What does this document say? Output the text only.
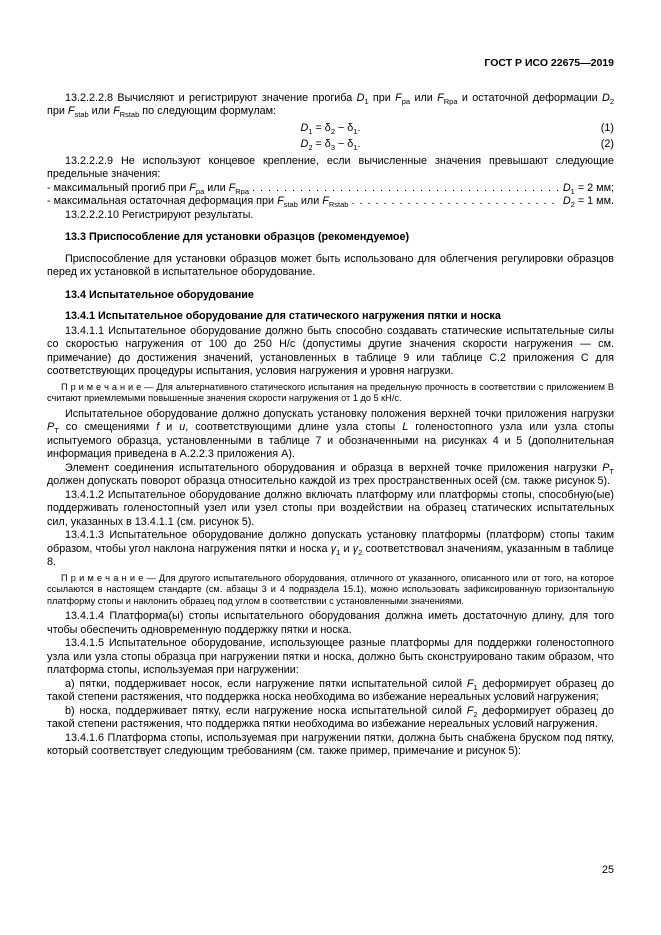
ГОСТ Р ИСО 22675—2019

13.2.2.2.8 Вычисляют и регистрируют значение прогиба $D_1$ при $F_{ра}$ или $F_{Rра}$ и остаточной деформации $D_2$ при $F_{stab}$ или $F_{Rstab}$ по следующим формулам:

$D_1 = \delta_2 - \delta_1$.	(1)
$D_2 = \delta_3 - \delta_1$.	(2)

13.2.2.2.9 Не используют концевое крепление, если вычисленные значения превышают следующие предельные значения:

- максимальный прогиб при $F_{ра}$ или $F_{Rра}$ . . .	$D_1 = 2$ мм;
- максимальная остаточная деформация при $F_{stab}$ или $F_{Rstab}$ . . .	$D_2 = 1$ мм.

13.2.2.2.10 Регистрируют результаты.

13.3 Приспособление для установки образцов (рекомендуемое)

Приспособление для установки образцов может быть использовано для облегчения регулировки образцов перед их установкой в испытательное оборудование.

13.4 Испытательное оборудование

13.4.1 Испытательное оборудование для статического нагружения пятки и носка

13.4.1.1 Испытательное оборудование должно быть способно создавать статические испытательные силы со скоростью нагружения от 100 до 250 Н/с (допустимы другие значения скорости нагружения — см. примечание) до достижения значений, установленных в таблице 9 или таблице С.2 приложения С для соответствующих процедуры испытания, условия нагружения и уровня нагрузки.

П р и м е ч а н и е — Для альтернативного статического испытания на предельную прочность в соответствии с приложением В считают приемлемыми повышенные значения скорости нагружения от 1 до 5 кН/с.

Испытательное оборудование должно допускать установку положения верхней точки приложения нагрузки $P_T$ со смещениями f и u, соответствующими длине узла стопы L голеностопного узла или узла стопы испытуемого образца, установленными в таблице 7 и обозначенными на рисунках 4 и 5 (дополнительная информация приведена в А.2.2.3 приложения А).

Элемент соединения испытательного оборудования и образца в верхней точке приложения нагрузки $P_T$ должен допускать поворот образца относительно каждой из трех пространственных осей (см. также рисунок 5).

13.4.1.2 Испытательное оборудование должно включать платформу или платформы стопы, способную(ые) поддерживать голеностопный узел или узел стопы при воздействии на образец статических испытательных сил, указанных в 13.4.1.1 (см. рисунок 5).

13.4.1.3 Испытательное оборудование должно допускать установку платформы (платформ) стопы таким образом, чтобы угол наклона нагружения пятки и носка $\gamma_1$ и $\gamma_2$ соответствовал значениям, указанным в таблице 8.

П р и м е ч а н и е — Для другого испытательного оборудования, отличного от указанного, описанного или от того, на которое ссылаются в настоящем стандарте (см. абзацы 3 и 4 подраздела 15.1), можно использовать зафиксированную горизонтальную платформу стопы и наклонить образец под углом в соответствии с установленными значениями.

13.4.1.4 Платформа(ы) стопы испытательного оборудования должна иметь достаточную длину, для того чтобы обеспечить одновременную поддержку пятки и носка.

13.4.1.5 Испытательное оборудование, использующее разные платформы для поддержки голеностопного узла или узла стопы образца при нагружении пятки и носка, должно быть сконструировано таким образом, что платформа стопы, используемая при нагружении:

а) пятки, поддерживает носок, если нагружение пятки испытательной силой $F_1$ деформирует образец до такой степени растяжения, что поддержка носка необходима во избежание нереальных условий нагружения;

b) носка, поддерживает пятку, если нагружение носка испытательной силой $F_2$ деформирует образец до такой степени растяжения, что поддержка пятки необходима во избежание нереальных условий нагружения.

13.4.1.6 Платформа стопы, используемая при нагружении пятки, должна быть снабжена бруском под пятку, который соответствует следующим требованиям (см. также пример, примечание и рисунок 5):

25
